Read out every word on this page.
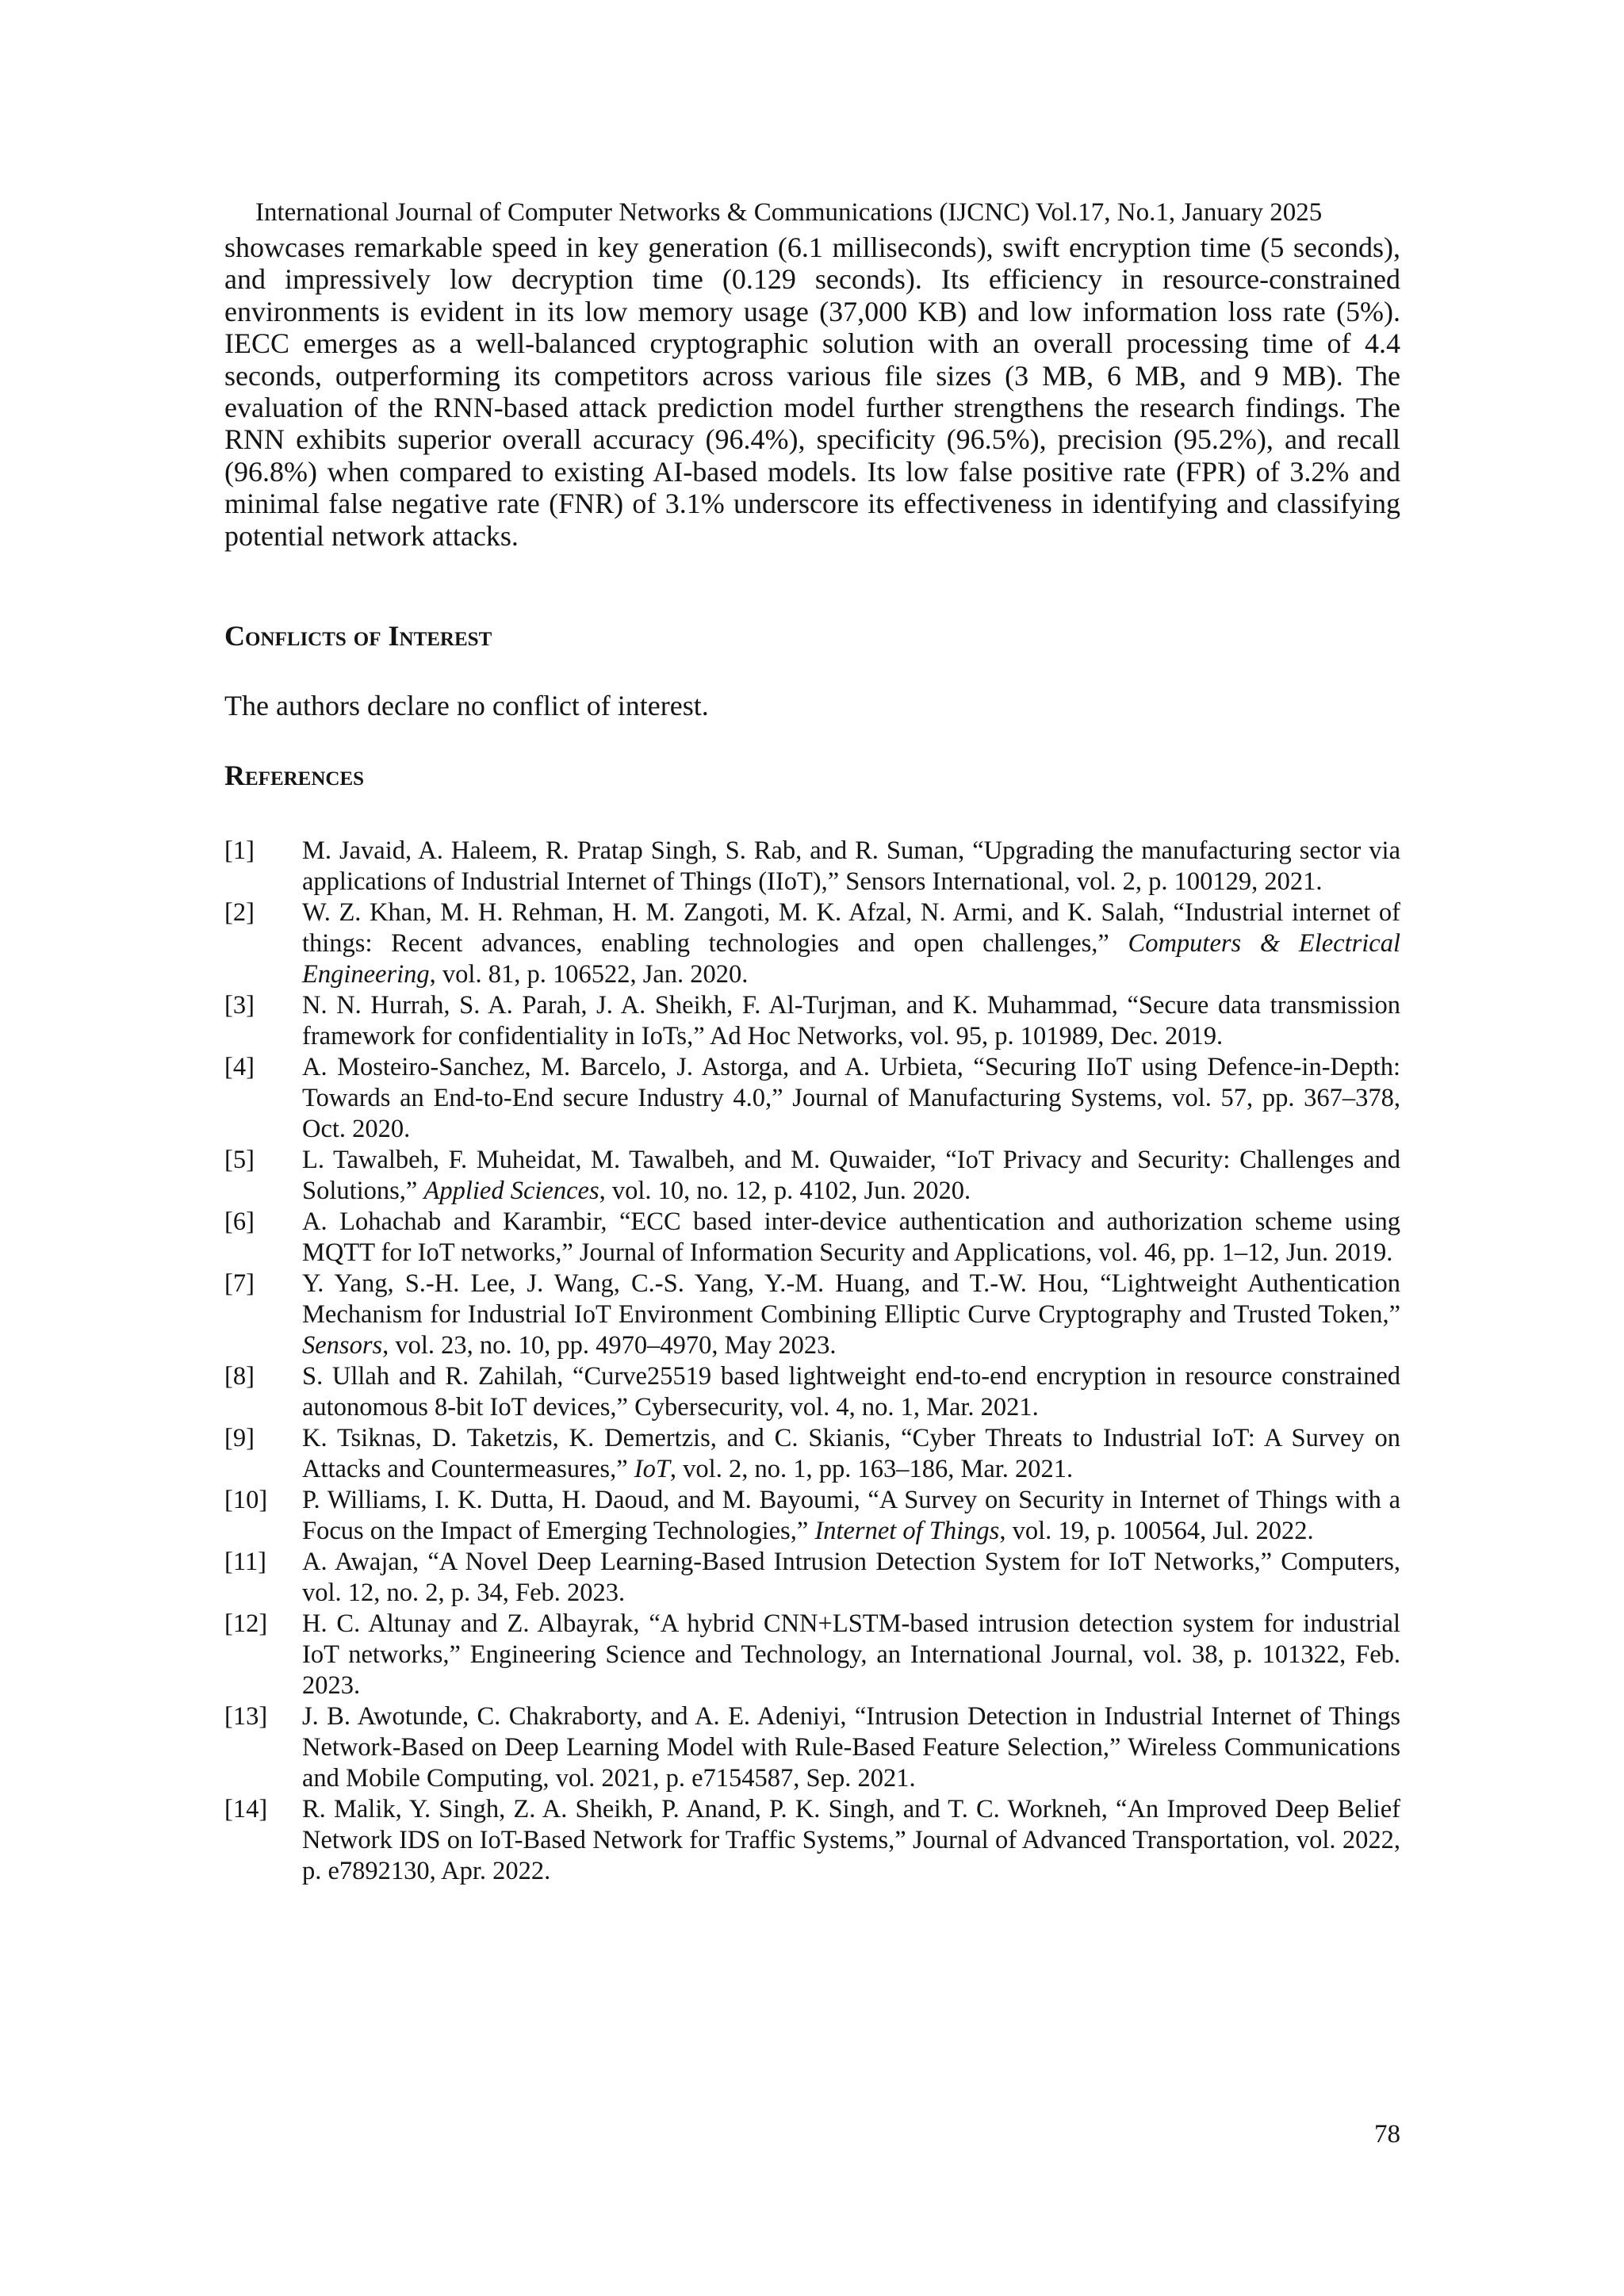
International Journal of Computer Networks & Communications (IJCNC) Vol.17, No.1, January 2025

showcases remarkable speed in key generation (6.1 milliseconds), swift encryption time (5 seconds), and impressively low decryption time (0.129 seconds). Its efficiency in resource-constrained environments is evident in its low memory usage (37,000 KB) and low information loss rate (5%). IECC emerges as a well-balanced cryptographic solution with an overall processing time of 4.4 seconds, outperforming its competitors across various file sizes (3 MB, 6 MB, and 9 MB). The evaluation of the RNN-based attack prediction model further strengthens the research findings. The RNN exhibits superior overall accuracy (96.4%), specificity (96.5%), precision (95.2%), and recall (96.8%) when compared to existing AI-based models. Its low false positive rate (FPR) of 3.2% and minimal false negative rate (FNR) of 3.1% underscore its effectiveness in identifying and classifying potential network attacks.

Conflicts of Interest
The authors declare no conflict of interest.
References
[1] M. Javaid, A. Haleem, R. Pratap Singh, S. Rab, and R. Suman, “Upgrading the manufacturing sector via applications of Industrial Internet of Things (IIoT),” Sensors International, vol. 2, p. 100129, 2021.
[2] W. Z. Khan, M. H. Rehman, H. M. Zangoti, M. K. Afzal, N. Armi, and K. Salah, “Industrial internet of things: Recent advances, enabling technologies and open challenges,” Computers & Electrical Engineering, vol. 81, p. 106522, Jan. 2020.
[3] N. N. Hurrah, S. A. Parah, J. A. Sheikh, F. Al-Turjman, and K. Muhammad, “Secure data transmission framework for confidentiality in IoTs,” Ad Hoc Networks, vol. 95, p. 101989, Dec. 2019.
[4] A. Mosteiro-Sanchez, M. Barcelo, J. Astorga, and A. Urbieta, “Securing IIoT using Defence-in-Depth: Towards an End-to-End secure Industry 4.0,” Journal of Manufacturing Systems, vol. 57, pp. 367–378, Oct. 2020.
[5] L. Tawalbeh, F. Muheidat, M. Tawalbeh, and M. Quwaider, “IoT Privacy and Security: Challenges and Solutions,” Applied Sciences, vol. 10, no. 12, p. 4102, Jun. 2020.
[6] A. Lohachab and Karambir, “ECC based inter-device authentication and authorization scheme using MQTT for IoT networks,” Journal of Information Security and Applications, vol. 46, pp. 1–12, Jun. 2019.
[7] Y. Yang, S.-H. Lee, J. Wang, C.-S. Yang, Y.-M. Huang, and T.-W. Hou, “Lightweight Authentication Mechanism for Industrial IoT Environment Combining Elliptic Curve Cryptography and Trusted Token,” Sensors, vol. 23, no. 10, pp. 4970–4970, May 2023.
[8] S. Ullah and R. Zahilah, “Curve25519 based lightweight end-to-end encryption in resource constrained autonomous 8-bit IoT devices,” Cybersecurity, vol. 4, no. 1, Mar. 2021.
[9] K. Tsiknas, D. Taketzis, K. Demertzis, and C. Skianis, “Cyber Threats to Industrial IoT: A Survey on Attacks and Countermeasures,” IoT, vol. 2, no. 1, pp. 163–186, Mar. 2021.
[10] P. Williams, I. K. Dutta, H. Daoud, and M. Bayoumi, “A Survey on Security in Internet of Things with a Focus on the Impact of Emerging Technologies,” Internet of Things, vol. 19, p. 100564, Jul. 2022.
[11] A. Awajan, “A Novel Deep Learning-Based Intrusion Detection System for IoT Networks,” Computers, vol. 12, no. 2, p. 34, Feb. 2023.
[12] H. C. Altunay and Z. Albayrak, “A hybrid CNN+LSTM-based intrusion detection system for industrial IoT networks,” Engineering Science and Technology, an International Journal, vol. 38, p. 101322, Feb. 2023.
[13] J. B. Awotunde, C. Chakraborty, and A. E. Adeniyi, “Intrusion Detection in Industrial Internet of Things Network-Based on Deep Learning Model with Rule-Based Feature Selection,” Wireless Communications and Mobile Computing, vol. 2021, p. e7154587, Sep. 2021.
[14] R. Malik, Y. Singh, Z. A. Sheikh, P. Anand, P. K. Singh, and T. C. Workneh, “An Improved Deep Belief Network IDS on IoT-Based Network for Traffic Systems,” Journal of Advanced Transportation, vol. 2022, p. e7892130, Apr. 2022.
78
